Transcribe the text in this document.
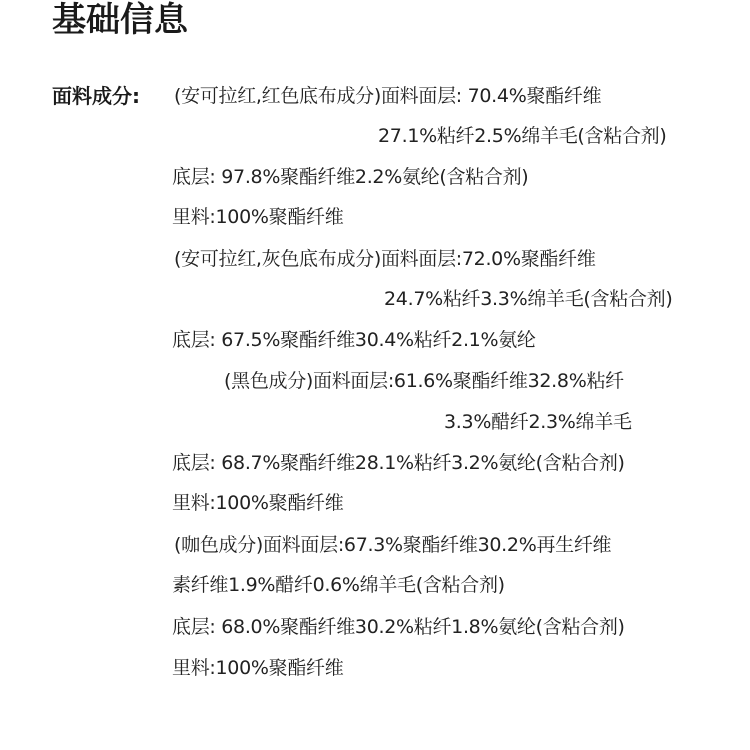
基础信息
面料成分: (安可拉红,红色底布成分)面料面层: 70.4%聚酯纤维
27.1%粘纤2.5%绵羊毛(含粘合剂)
底层: 97.8%聚酯纤维2.2%氨纶(含粘合剂)
里料:100%聚酯纤维
(安可拉红,灰色底布成分)面料面层:72.0%聚酯纤维
24.7%粘纤3.3%绵羊毛(含粘合剂)
底层: 67.5%聚酯纤维30.4%粘纤2.1%氨纶
(黑色成分)面料面层:61.6%聚酯纤维32.8%粘纤
3.3%醋纤2.3%绵羊毛
底层: 68.7%聚酯纤维28.1%粘纤3.2%氨纶(含粘合剂)
里料:100%聚酯纤维
(咖色成分)面料面层:67.3%聚酯纤维30.2%再生纤维
素纤维1.9%醋纤0.6%绵羊毛(含粘合剂)
底层: 68.0%聚酯纤维30.2%粘纤1.8%氨纶(含粘合剂)
里料:100%聚酯纤维
